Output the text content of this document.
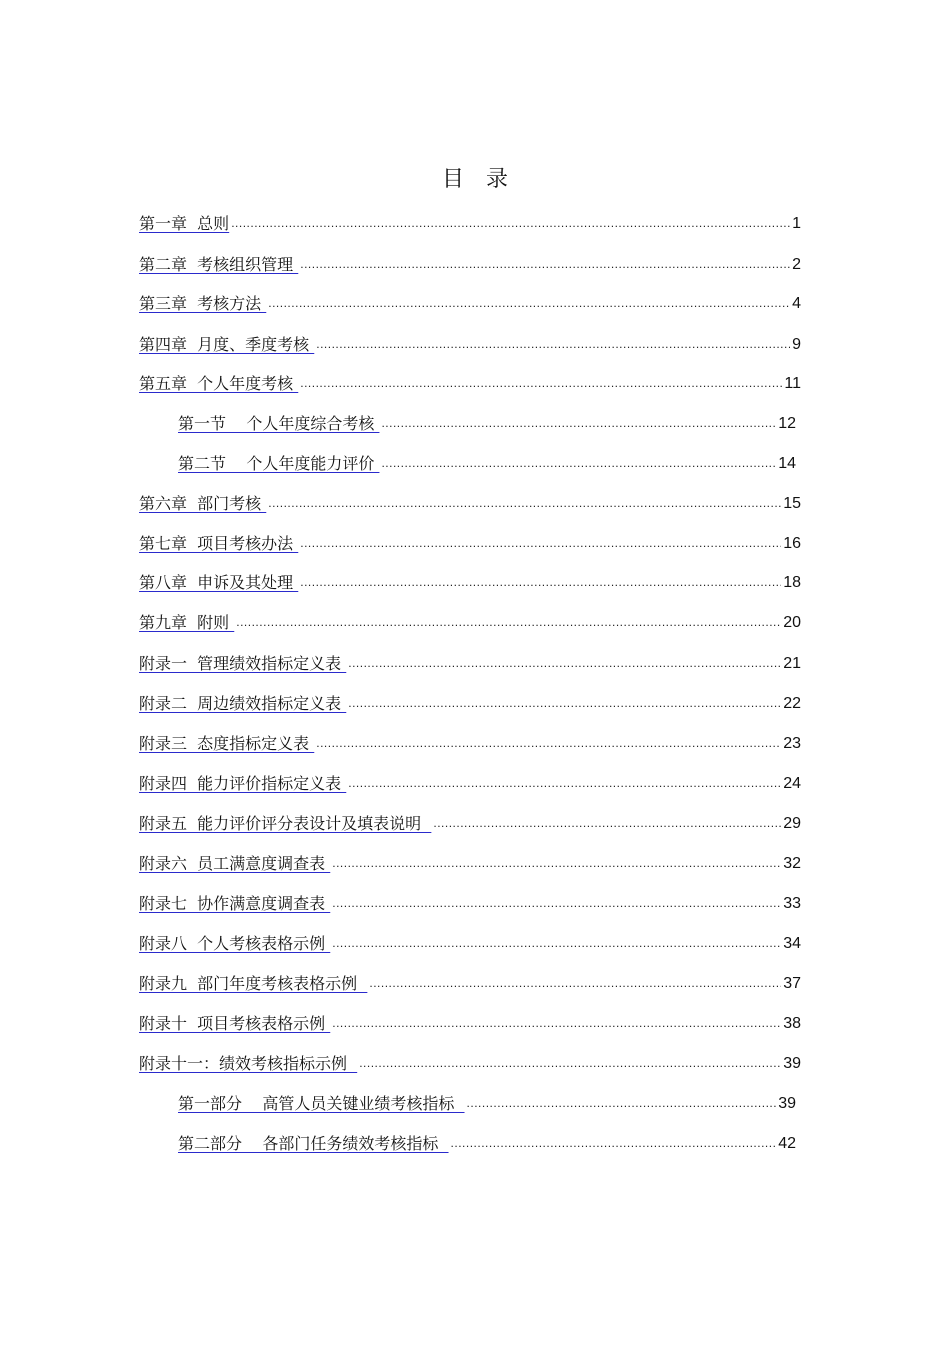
目　录
第一章  总则 .....	1
第二章  考核组织管理 .....	2
第三章  考核方法 .....	4
第四章  月度、季度考核 .....	9
第五章  个人年度考核 .....	11
第一节    个人年度综合考核 .....	12
第二节    个人年度能力评价 .....	14
第六章  部门考核 .....	15
第七章  项目考核办法 .....	16
第八章  申诉及其处理 .....	18
第九章  附则 .....	20
附录一  管理绩效指标定义表 .....	21
附录二  周边绩效指标定义表 .....	22
附录三  态度指标定义表 .....	23
附录四  能力评价指标定义表 .....	24
附录五  能力评价评分表设计及填表说明 .....	29
附录六  员工满意度调查表 .....	32
附录七  协作满意度调查表 .....	33
附录八  个人考核表格示例 .....	34
附录九  部门年度考核表格示例 .....	37
附录十  项目考核表格示例 .....	38
附录十一：绩效考核指标示例 .....	39
第一部分    高管人员关键业绩考核指标 .....	39
第二部分    各部门任务绩效考核指标 .....	42
